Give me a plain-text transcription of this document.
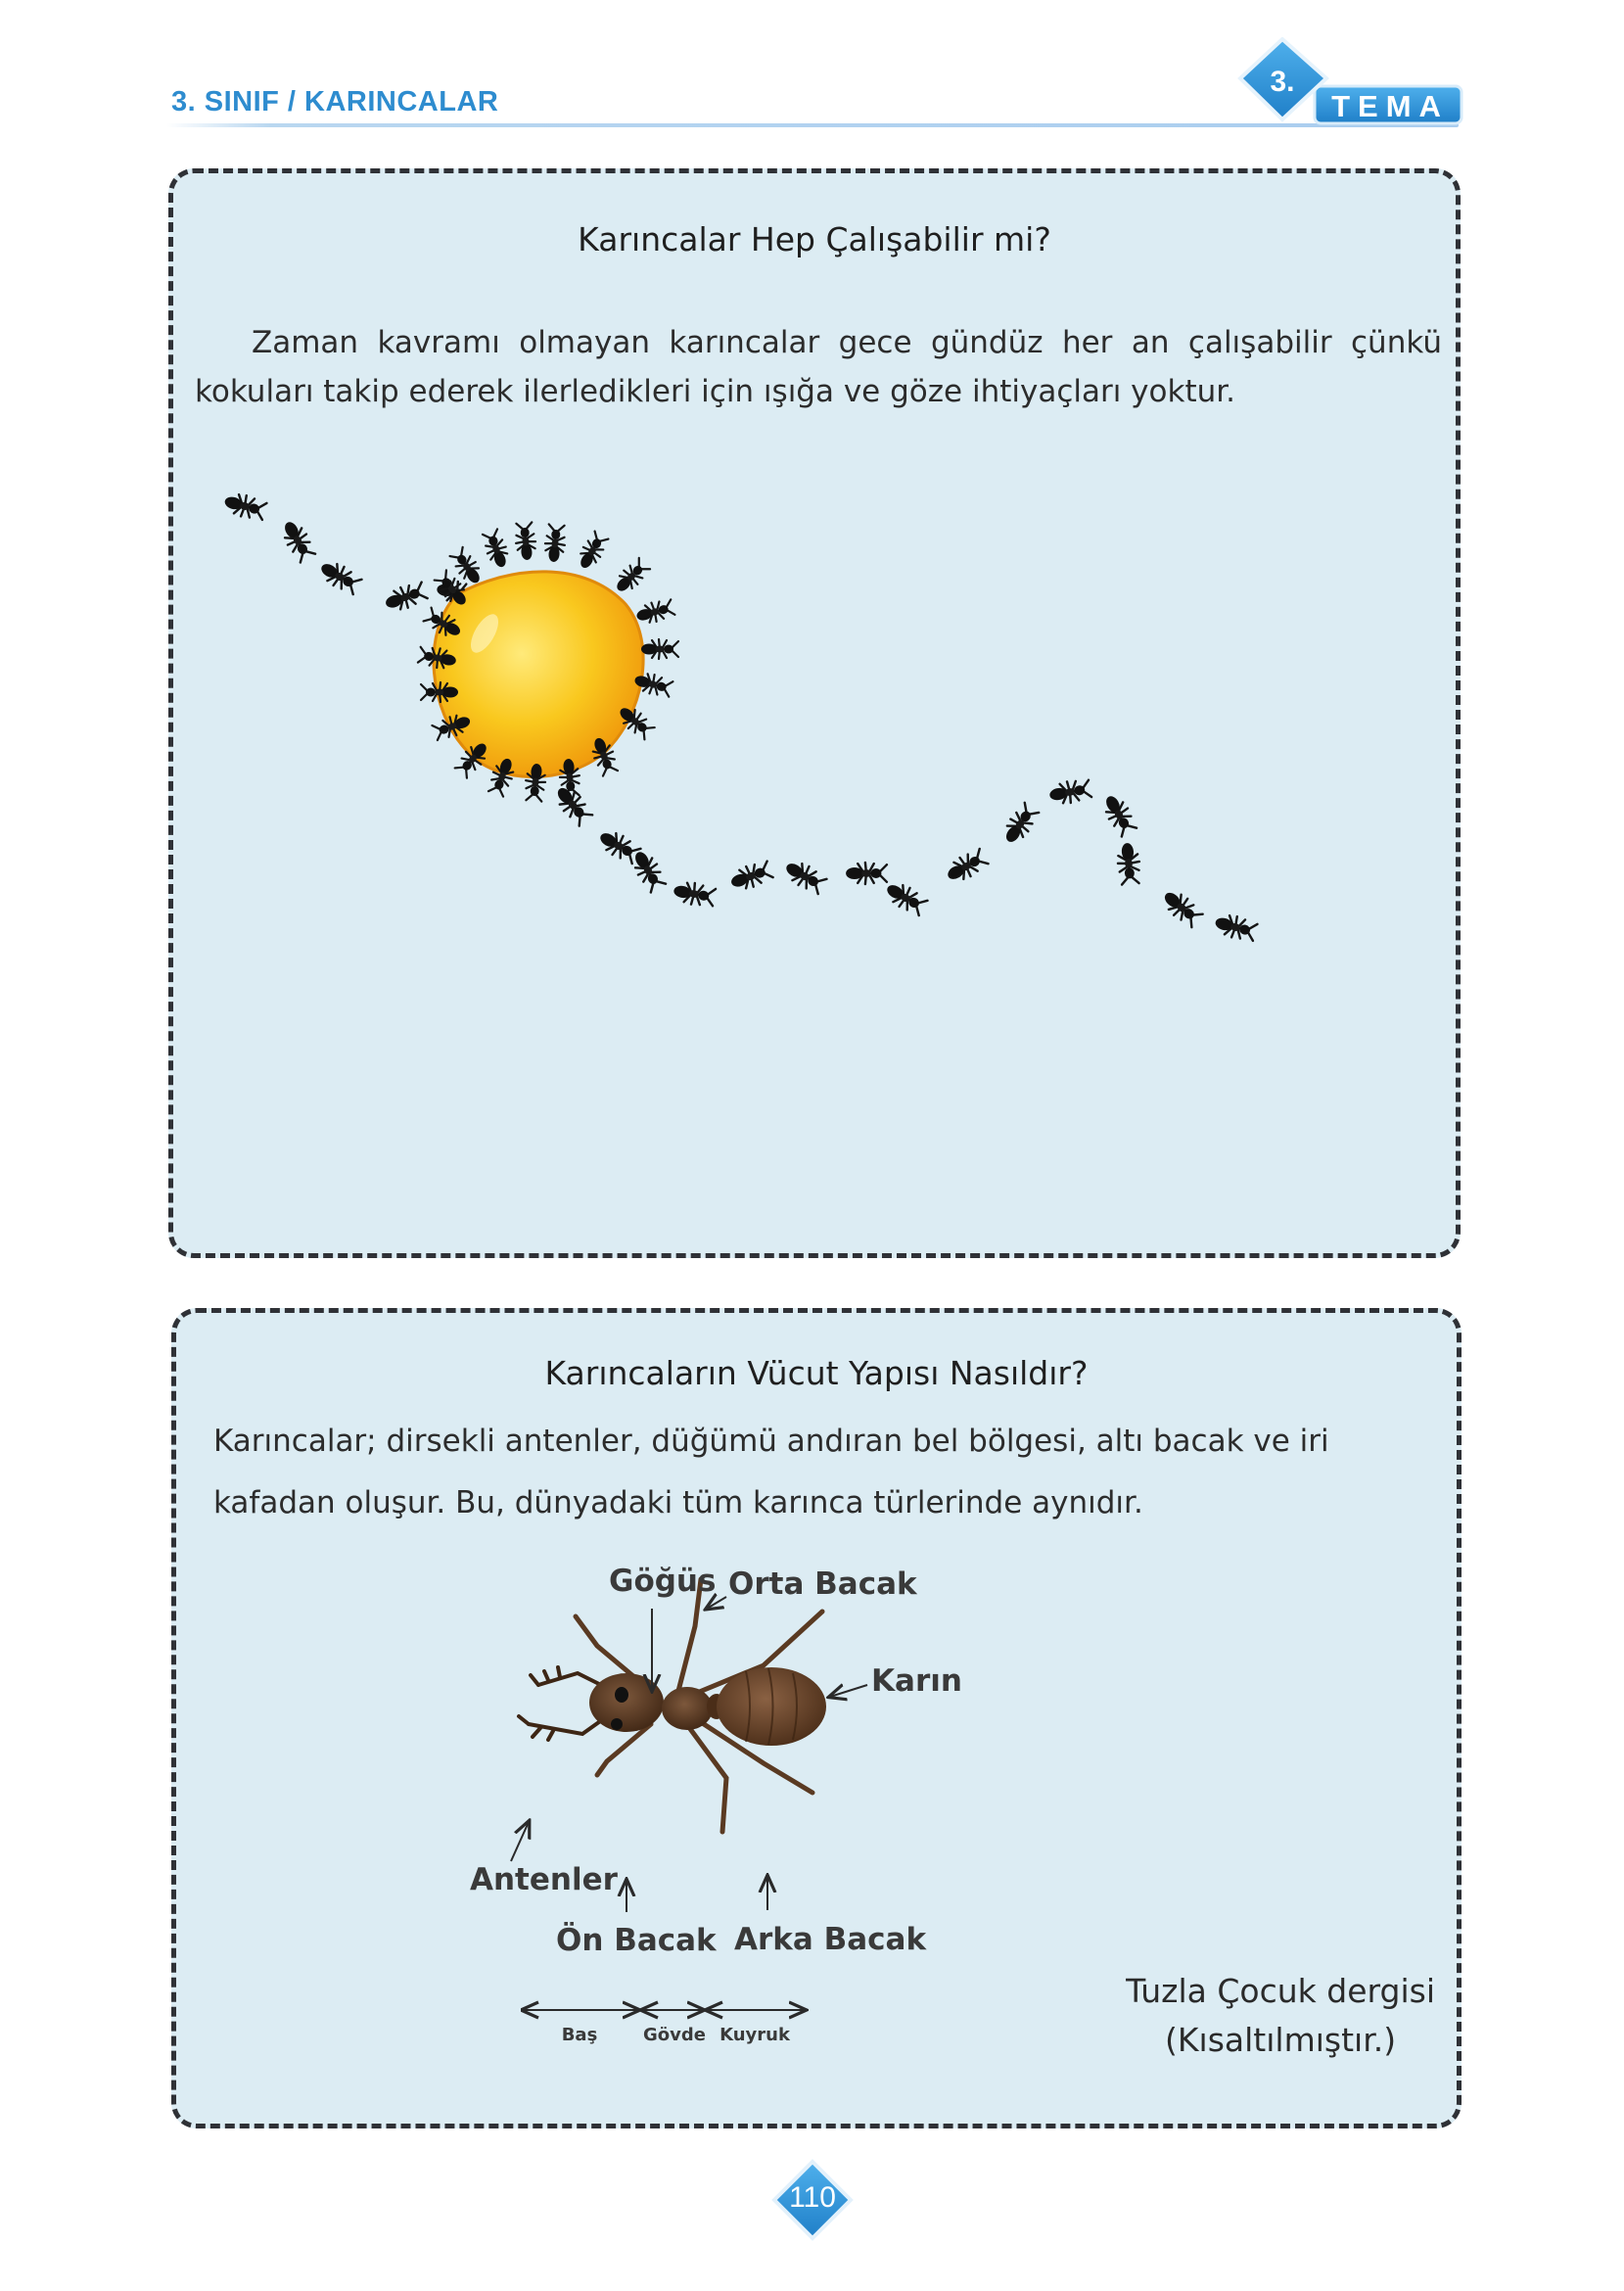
3. SINIF / KARINCALAR
3.
TEMA
Karıncalar Hep Çalışabilir mi?
Zaman kavramı olmayan karıncalar gece gündüz her an çalışabilir çünkü kokuları takip ederek ilerledikleri için ışığa ve göze ihtiyaçları yoktur.
Karıncaların Vücut Yapısı Nasıldır?
Karıncalar; dirsekli antenler, düğümü andıran bel bölgesi, altı bacak ve iri kafadan oluşur. Bu, dünyadaki tüm karınca türlerinde aynıdır.
Göğüs Orta Bacak
Karın
Antenler
Ön Bacak Arka Bacak
Baş	Gövde Kuyruk
Tuzla Çocuk dergisi
(Kısaltılmıştır.)
110
